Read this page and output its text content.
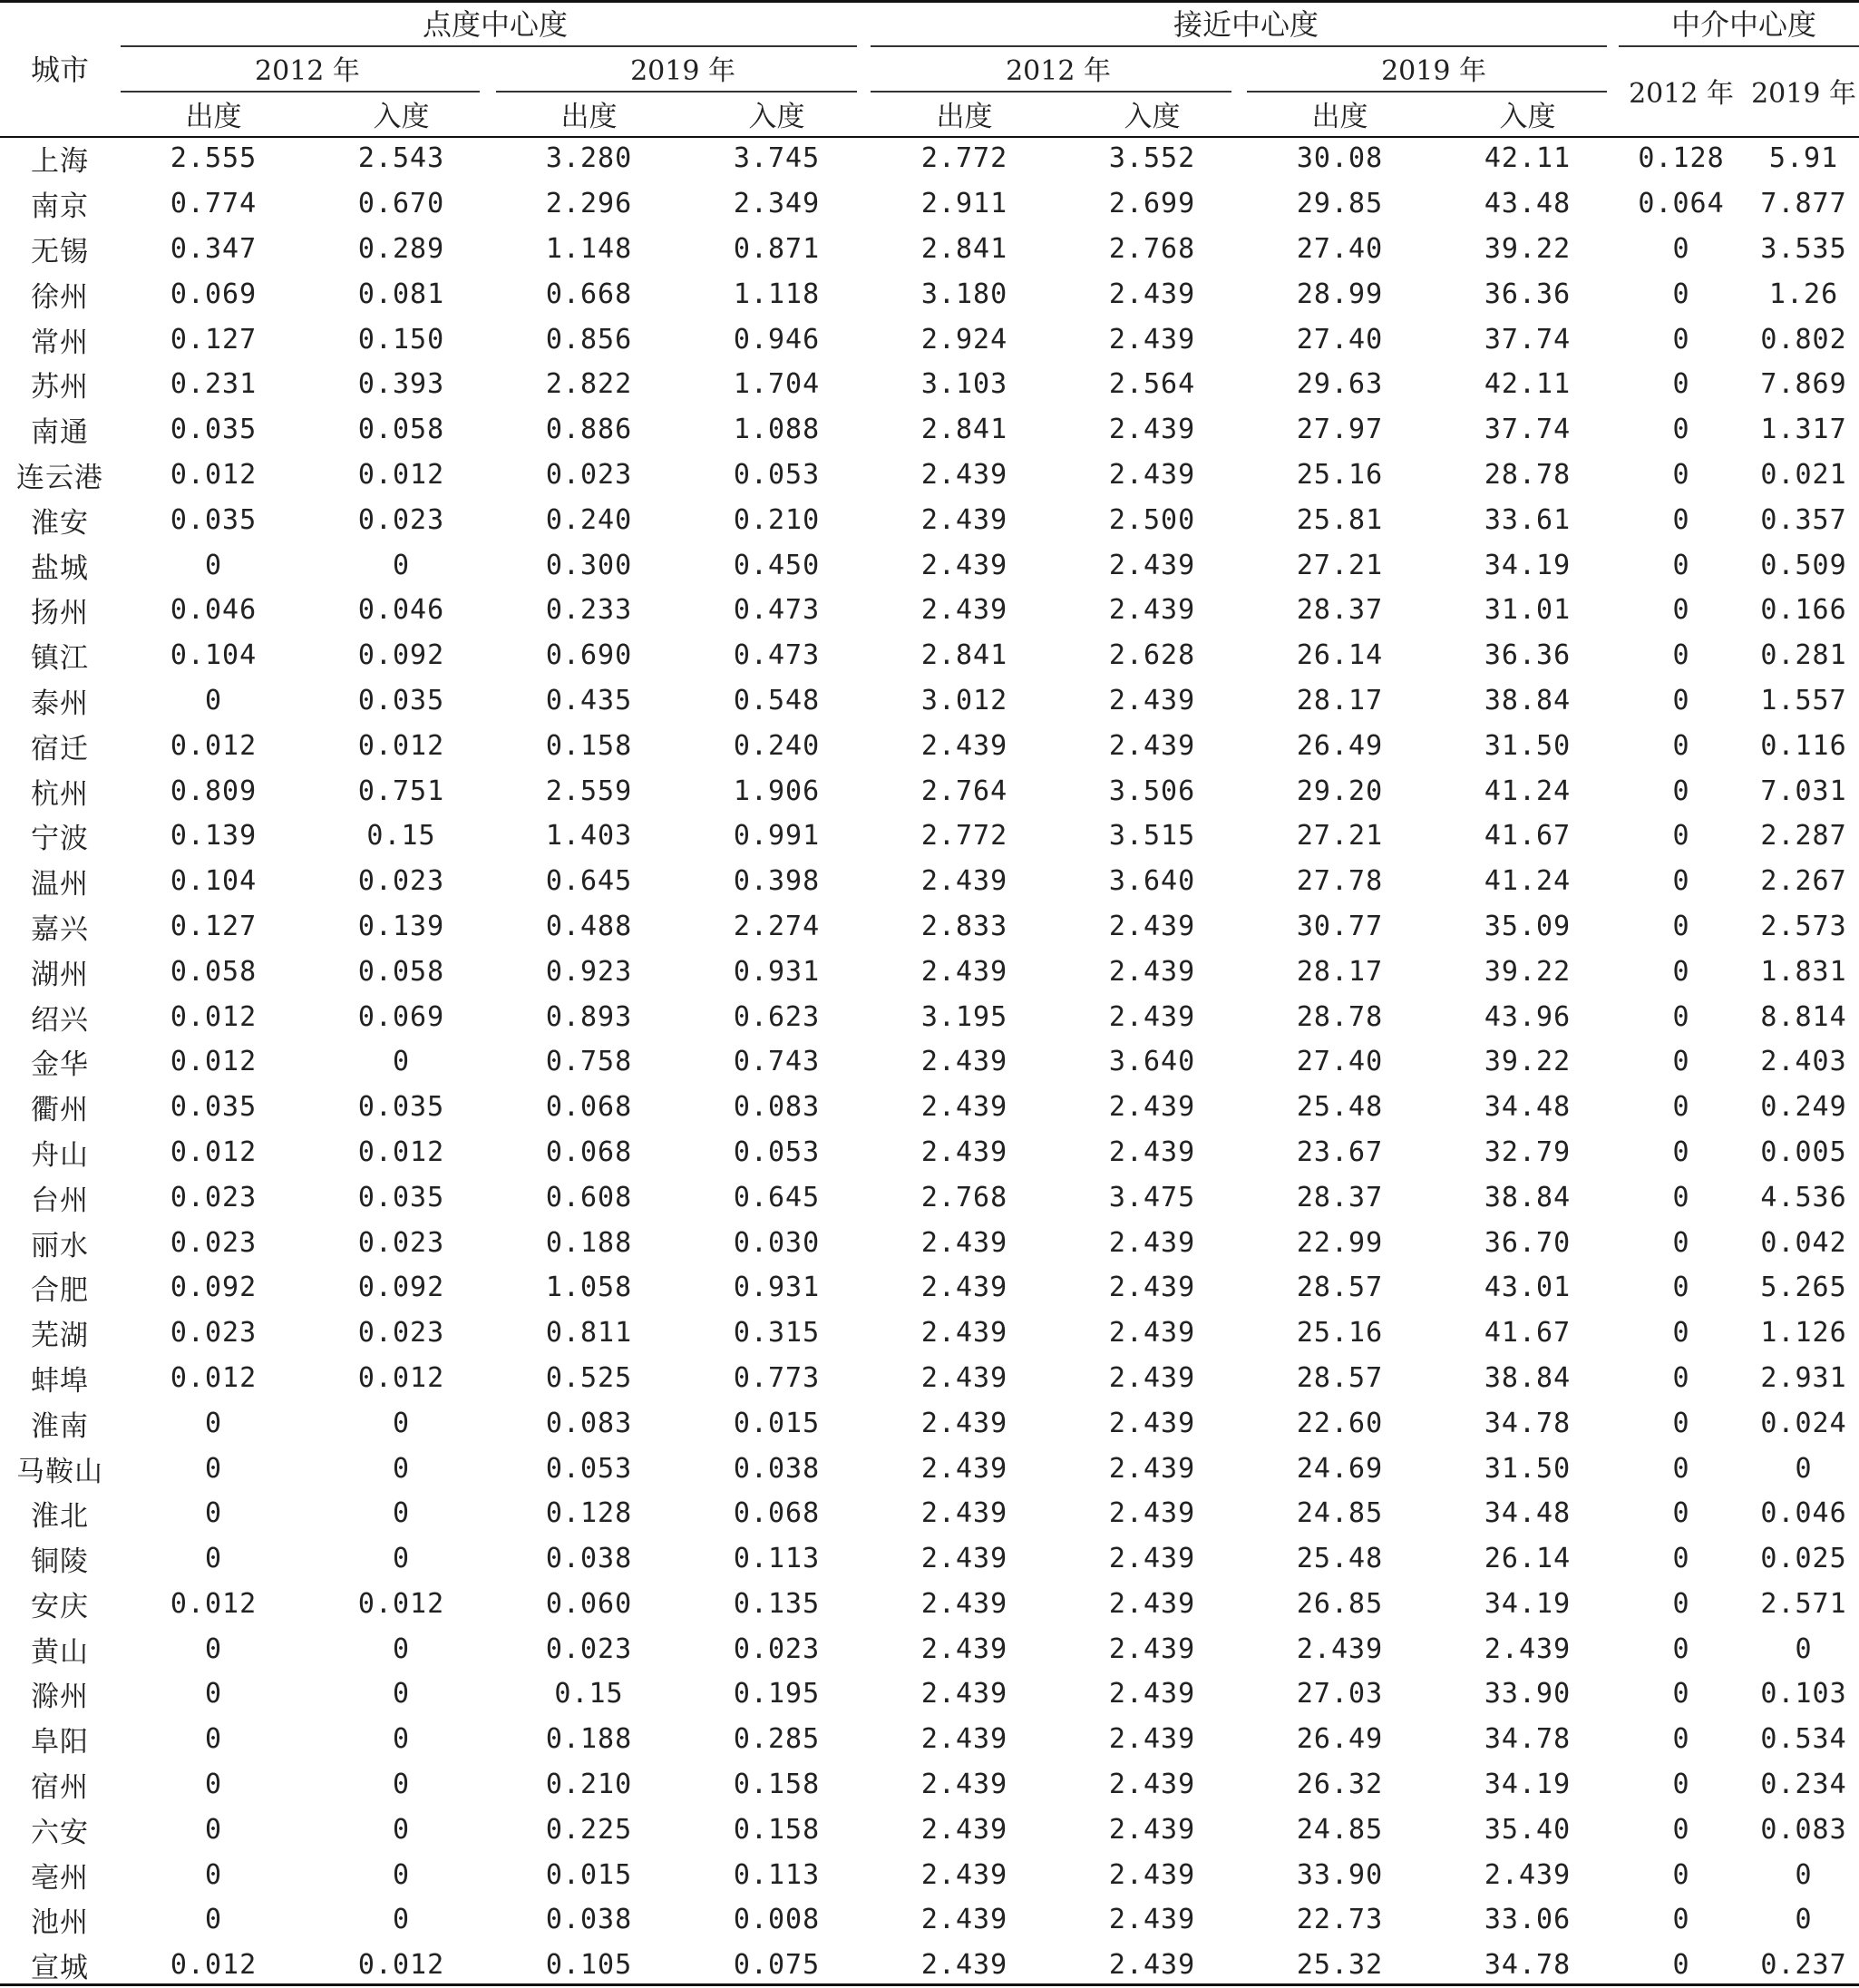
城市	点度中心度				接近中心度				中介中心度	
	2012 年		2019 年		2012 年		2019 年		2012 年	2019 年
	出度	入度	出度	入度	出度	入度	出度	入度		
上海	2.555	2.543	3.280	3.745	2.772	3.552	30.08	42.11	0.128	5.91
南京	0.774	0.670	2.296	2.349	2.911	2.699	29.85	43.48	0.064	7.877
无锡	0.347	0.289	1.148	0.871	2.841	2.768	27.40	39.22	0	3.535
徐州	0.069	0.081	0.668	1.118	3.180	2.439	28.99	36.36	0	1.26
常州	0.127	0.150	0.856	0.946	2.924	2.439	27.40	37.74	0	0.802
苏州	0.231	0.393	2.822	1.704	3.103	2.564	29.63	42.11	0	7.869
南通	0.035	0.058	0.886	1.088	2.841	2.439	27.97	37.74	0	1.317
连云港	0.012	0.012	0.023	0.053	2.439	2.439	25.16	28.78	0	0.021
淮安	0.035	0.023	0.240	0.210	2.439	2.500	25.81	33.61	0	0.357
盐城	0	0	0.300	0.450	2.439	2.439	27.21	34.19	0	0.509
扬州	0.046	0.046	0.233	0.473	2.439	2.439	28.37	31.01	0	0.166
镇江	0.104	0.092	0.690	0.473	2.841	2.628	26.14	36.36	0	0.281
泰州	0	0.035	0.435	0.548	3.012	2.439	28.17	38.84	0	1.557
宿迁	0.012	0.012	0.158	0.240	2.439	2.439	26.49	31.50	0	0.116
杭州	0.809	0.751	2.559	1.906	2.764	3.506	29.20	41.24	0	7.031
宁波	0.139	0.15	1.403	0.991	2.772	3.515	27.21	41.67	0	2.287
温州	0.104	0.023	0.645	0.398	2.439	3.640	27.78	41.24	0	2.267
嘉兴	0.127	0.139	0.488	2.274	2.833	2.439	30.77	35.09	0	2.573
湖州	0.058	0.058	0.923	0.931	2.439	2.439	28.17	39.22	0	1.831
绍兴	0.012	0.069	0.893	0.623	3.195	2.439	28.78	43.96	0	8.814
金华	0.012	0	0.758	0.743	2.439	3.640	27.40	39.22	0	2.403
衢州	0.035	0.035	0.068	0.083	2.439	2.439	25.48	34.48	0	0.249
舟山	0.012	0.012	0.068	0.053	2.439	2.439	23.67	32.79	0	0.005
台州	0.023	0.035	0.608	0.645	2.768	3.475	28.37	38.84	0	4.536
丽水	0.023	0.023	0.188	0.030	2.439	2.439	22.99	36.70	0	0.042
合肥	0.092	0.092	1.058	0.931	2.439	2.439	28.57	43.01	0	5.265
芜湖	0.023	0.023	0.811	0.315	2.439	2.439	25.16	41.67	0	1.126
蚌埠	0.012	0.012	0.525	0.773	2.439	2.439	28.57	38.84	0	2.931
淮南	0	0	0.083	0.015	2.439	2.439	22.60	34.78	0	0.024
马鞍山	0	0	0.053	0.038	2.439	2.439	24.69	31.50	0	0
淮北	0	0	0.128	0.068	2.439	2.439	24.85	34.48	0	0.046
铜陵	0	0	0.038	0.113	2.439	2.439	25.48	26.14	0	0.025
安庆	0.012	0.012	0.060	0.135	2.439	2.439	26.85	34.19	0	2.571
黄山	0	0	0.023	0.023	2.439	2.439	2.439	2.439	0	0
滁州	0	0	0.15	0.195	2.439	2.439	27.03	33.90	0	0.103
阜阳	0	0	0.188	0.285	2.439	2.439	26.49	34.78	0	0.534
宿州	0	0	0.210	0.158	2.439	2.439	26.32	34.19	0	0.234
六安	0	0	0.225	0.158	2.439	2.439	24.85	35.40	0	0.083
亳州	0	0	0.015	0.113	2.439	2.439	33.90	2.439	0	0
池州	0	0	0.038	0.008	2.439	2.439	22.73	33.06	0	0
宣城	0.012	0.012	0.105	0.075	2.439	2.439	25.32	34.78	0	0.237
